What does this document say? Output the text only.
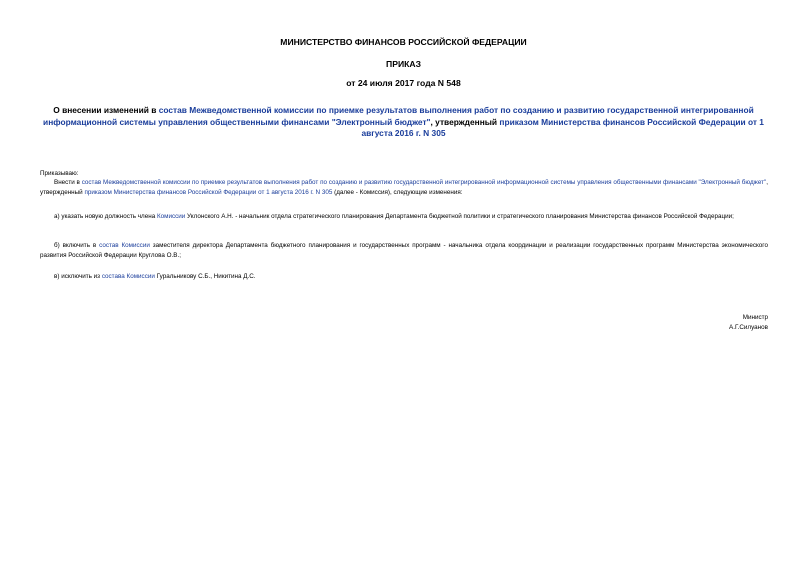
МИНИСТЕРСТВО ФИНАНСОВ РОССИЙСКОЙ ФЕДЕРАЦИИ
ПРИКАЗ
от 24 июля 2017 года N 548
О внесении изменений в состав Межведомственной комиссии по приемке результатов выполнения работ по созданию и развитию государственной интегрированной информационной системы управления общественными финансами "Электронный бюджет", утвержденный приказом Министерства финансов Российской Федерации от 1 августа 2016 г. N 305
Приказываю:
Внести в состав Межведомственной комиссии по приемке результатов выполнения работ по созданию и развитию государственной интегрированной информационной системы управления общественными финансами "Электронный бюджет", утвержденный приказом Министерства финансов Российской Федерации от 1 августа 2016 г. N 305 (далее - Комиссия), следующие изменения:
а) указать новую должность члена Комиссии Уклонского А.Н. - начальник отдела стратегического планирования Департамента бюджетной политики и стратегического планирования Министерства финансов Российской Федерации;
б) включить в состав Комиссии заместителя директора Департамента бюджетного планирования и государственных программ - начальника отдела координации и реализации государственных программ Министерства экономического развития Российской Федерации Круглова О.В.;
в) исключить из состава Комиссии Гуральникову С.Б., Никитина Д.С.
Министр
А.Г.Силуанов
